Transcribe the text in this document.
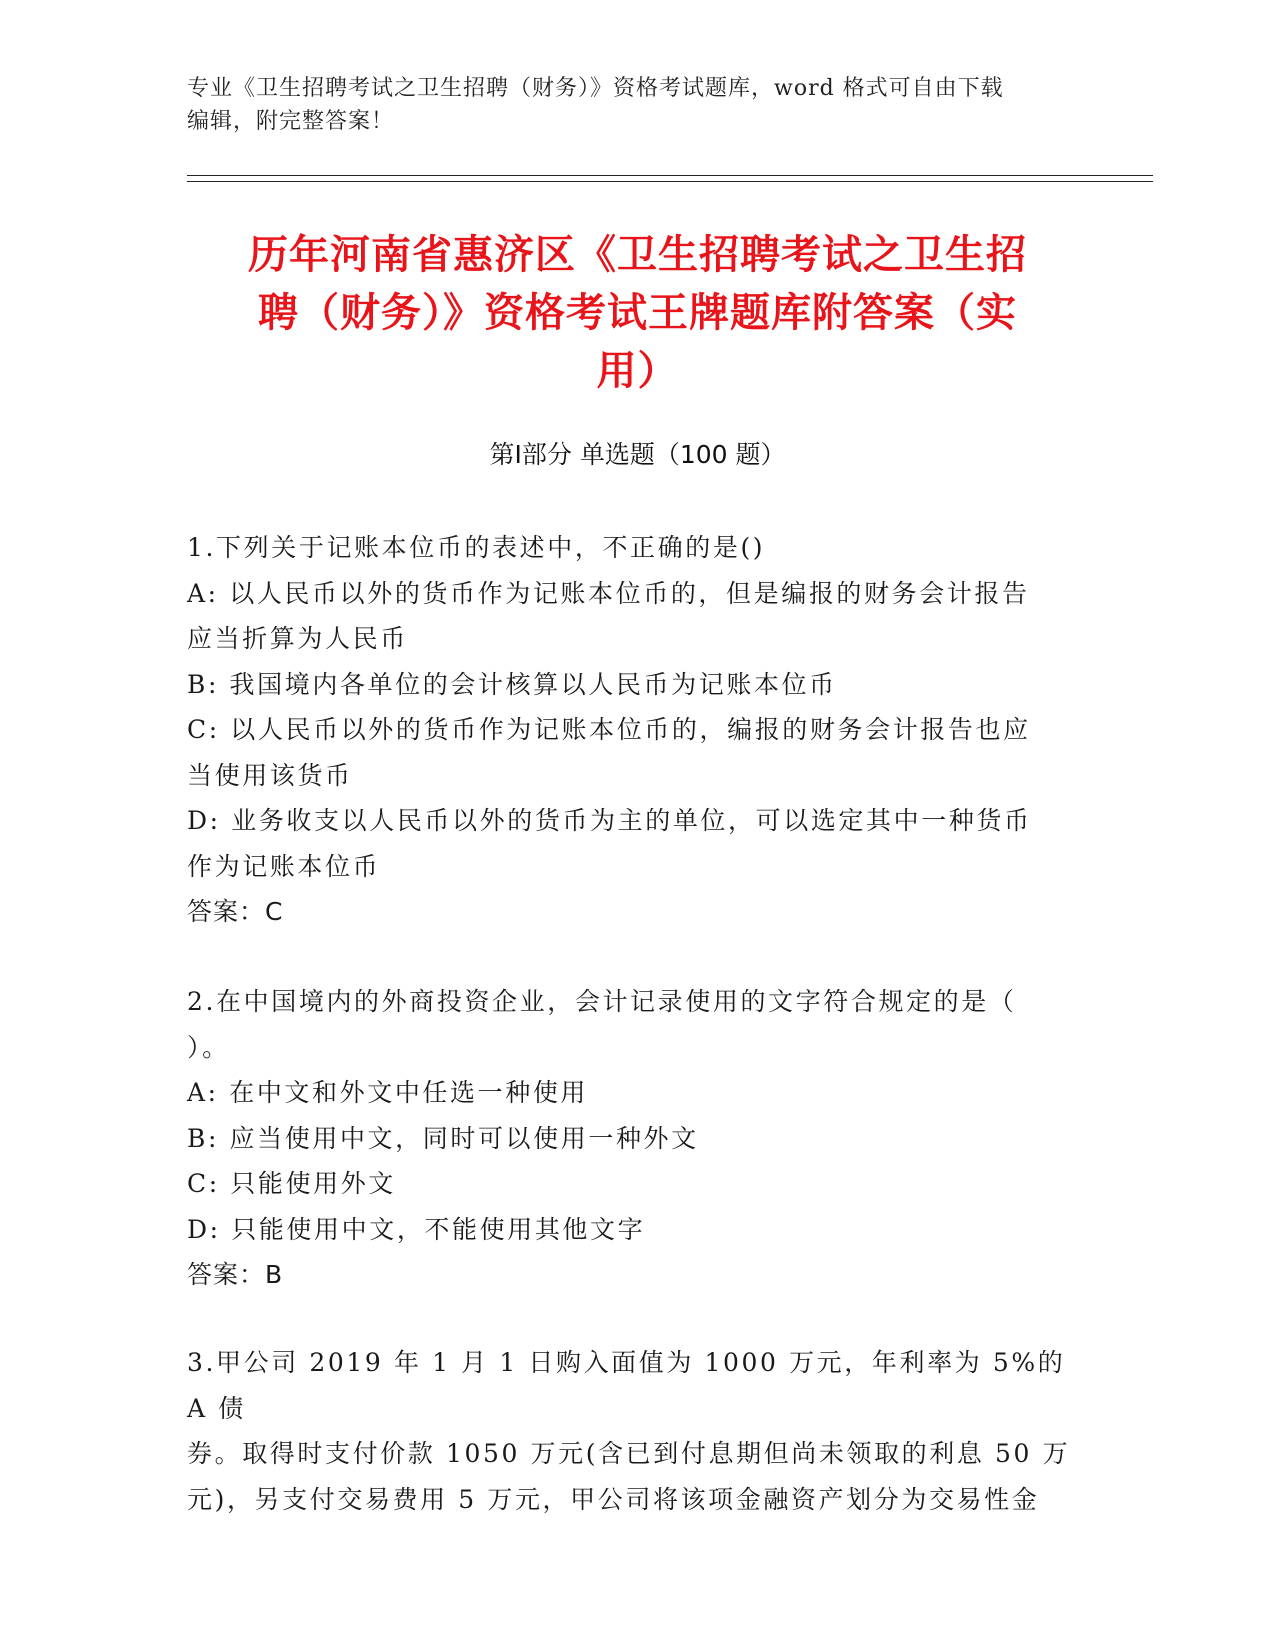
专业《卫生招聘考试之卫生招聘（财务）》资格考试题库，word 格式可自由下载
编辑，附完整答案！
历年河南省惠济区《卫生招聘考试之卫生招
聘（财务）》资格考试王牌题库附答案（实
用）
第Ⅰ部分 单选题（100 题）
1.下列关于记账本位币的表述中，不正确的是()
A: 以人民币以外的货币作为记账本位币的，但是编报的财务会计报告
应当折算为人民币
B: 我国境内各单位的会计核算以人民币为记账本位币
C: 以人民币以外的货币作为记账本位币的，编报的财务会计报告也应
当使用该货币
D: 业务收支以人民币以外的货币为主的单位，可以选定其中一种货币
作为记账本位币
答案：C
2.在中国境内的外商投资企业，会计记录使用的文字符合规定的是（
）。
A: 在中文和外文中任选一种使用
B: 应当使用中文，同时可以使用一种外文
C: 只能使用外文
D: 只能使用中文，不能使用其他文字
答案：B
3.甲公司 2019 年 1 月 1 日购入面值为 1000 万元，年利率为 5%的 A 债
券。取得时支付价款 1050 万元(含已到付息期但尚未领取的利息 50 万
元)，另支付交易费用 5 万元，甲公司将该项金融资产划分为交易性金
